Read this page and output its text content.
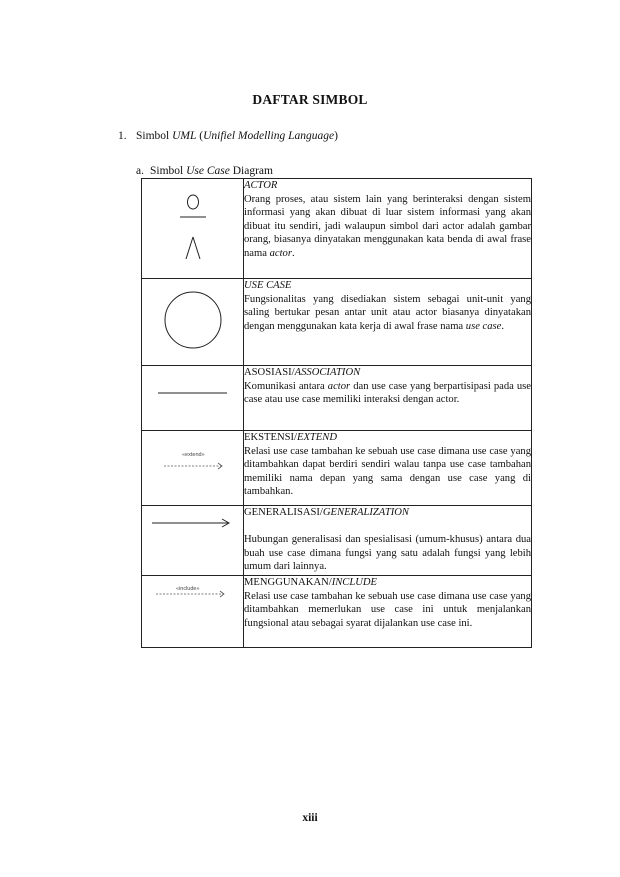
DAFTAR SIMBOL
1. Simbol UML (Unifiel Modelling Language)
a. Simbol Use Case Diagram

ACTOR
Orang proses, atau sistem lain yang berinteraksi dengan sistem informasi yang akan dibuat di luar sistem informasi yang akan dibuat itu sendiri, jadi walaupun simbol dari actor adalah gambar orang, biasanya dinyatakan menggunakan kata benda di awal frase nama actor.

USE CASE
Fungsionalitas yang disediakan sistem sebagai unit-unit yang saling bertukar pesan antar unit atau actor biasanya dinyatakan dengan menggunakan kata kerja di awal frase nama use case.

ASOSIASI/ASSOCIATION
Komunikasi antara actor dan use case yang berpartisipasi pada use case atau use case memiliki interaksi dengan actor.

«extend»	EKSTENSI/EXTEND
Relasi use case tambahan ke sebuah use case dimana use case yang ditambahkan dapat berdiri sendiri walau tanpa use case tambahan memiliki nama depan yang sama dengan use case yang di tambahkan.

GENERALISASI/GENERALIZATION
Hubungan generalisasi dan spesialisasi (umum-khusus) antara dua buah use case dimana fungsi yang satu adalah fungsi yang lebih umum dari lainnya.

«include»	MENGGUNAKAN/INCLUDE
Relasi use case tambahan ke sebuah use case dimana use case yang ditambahkan memerlukan use case ini untuk menjalankan fungsional atau sebagai syarat dijalankan use case ini.
xiii
